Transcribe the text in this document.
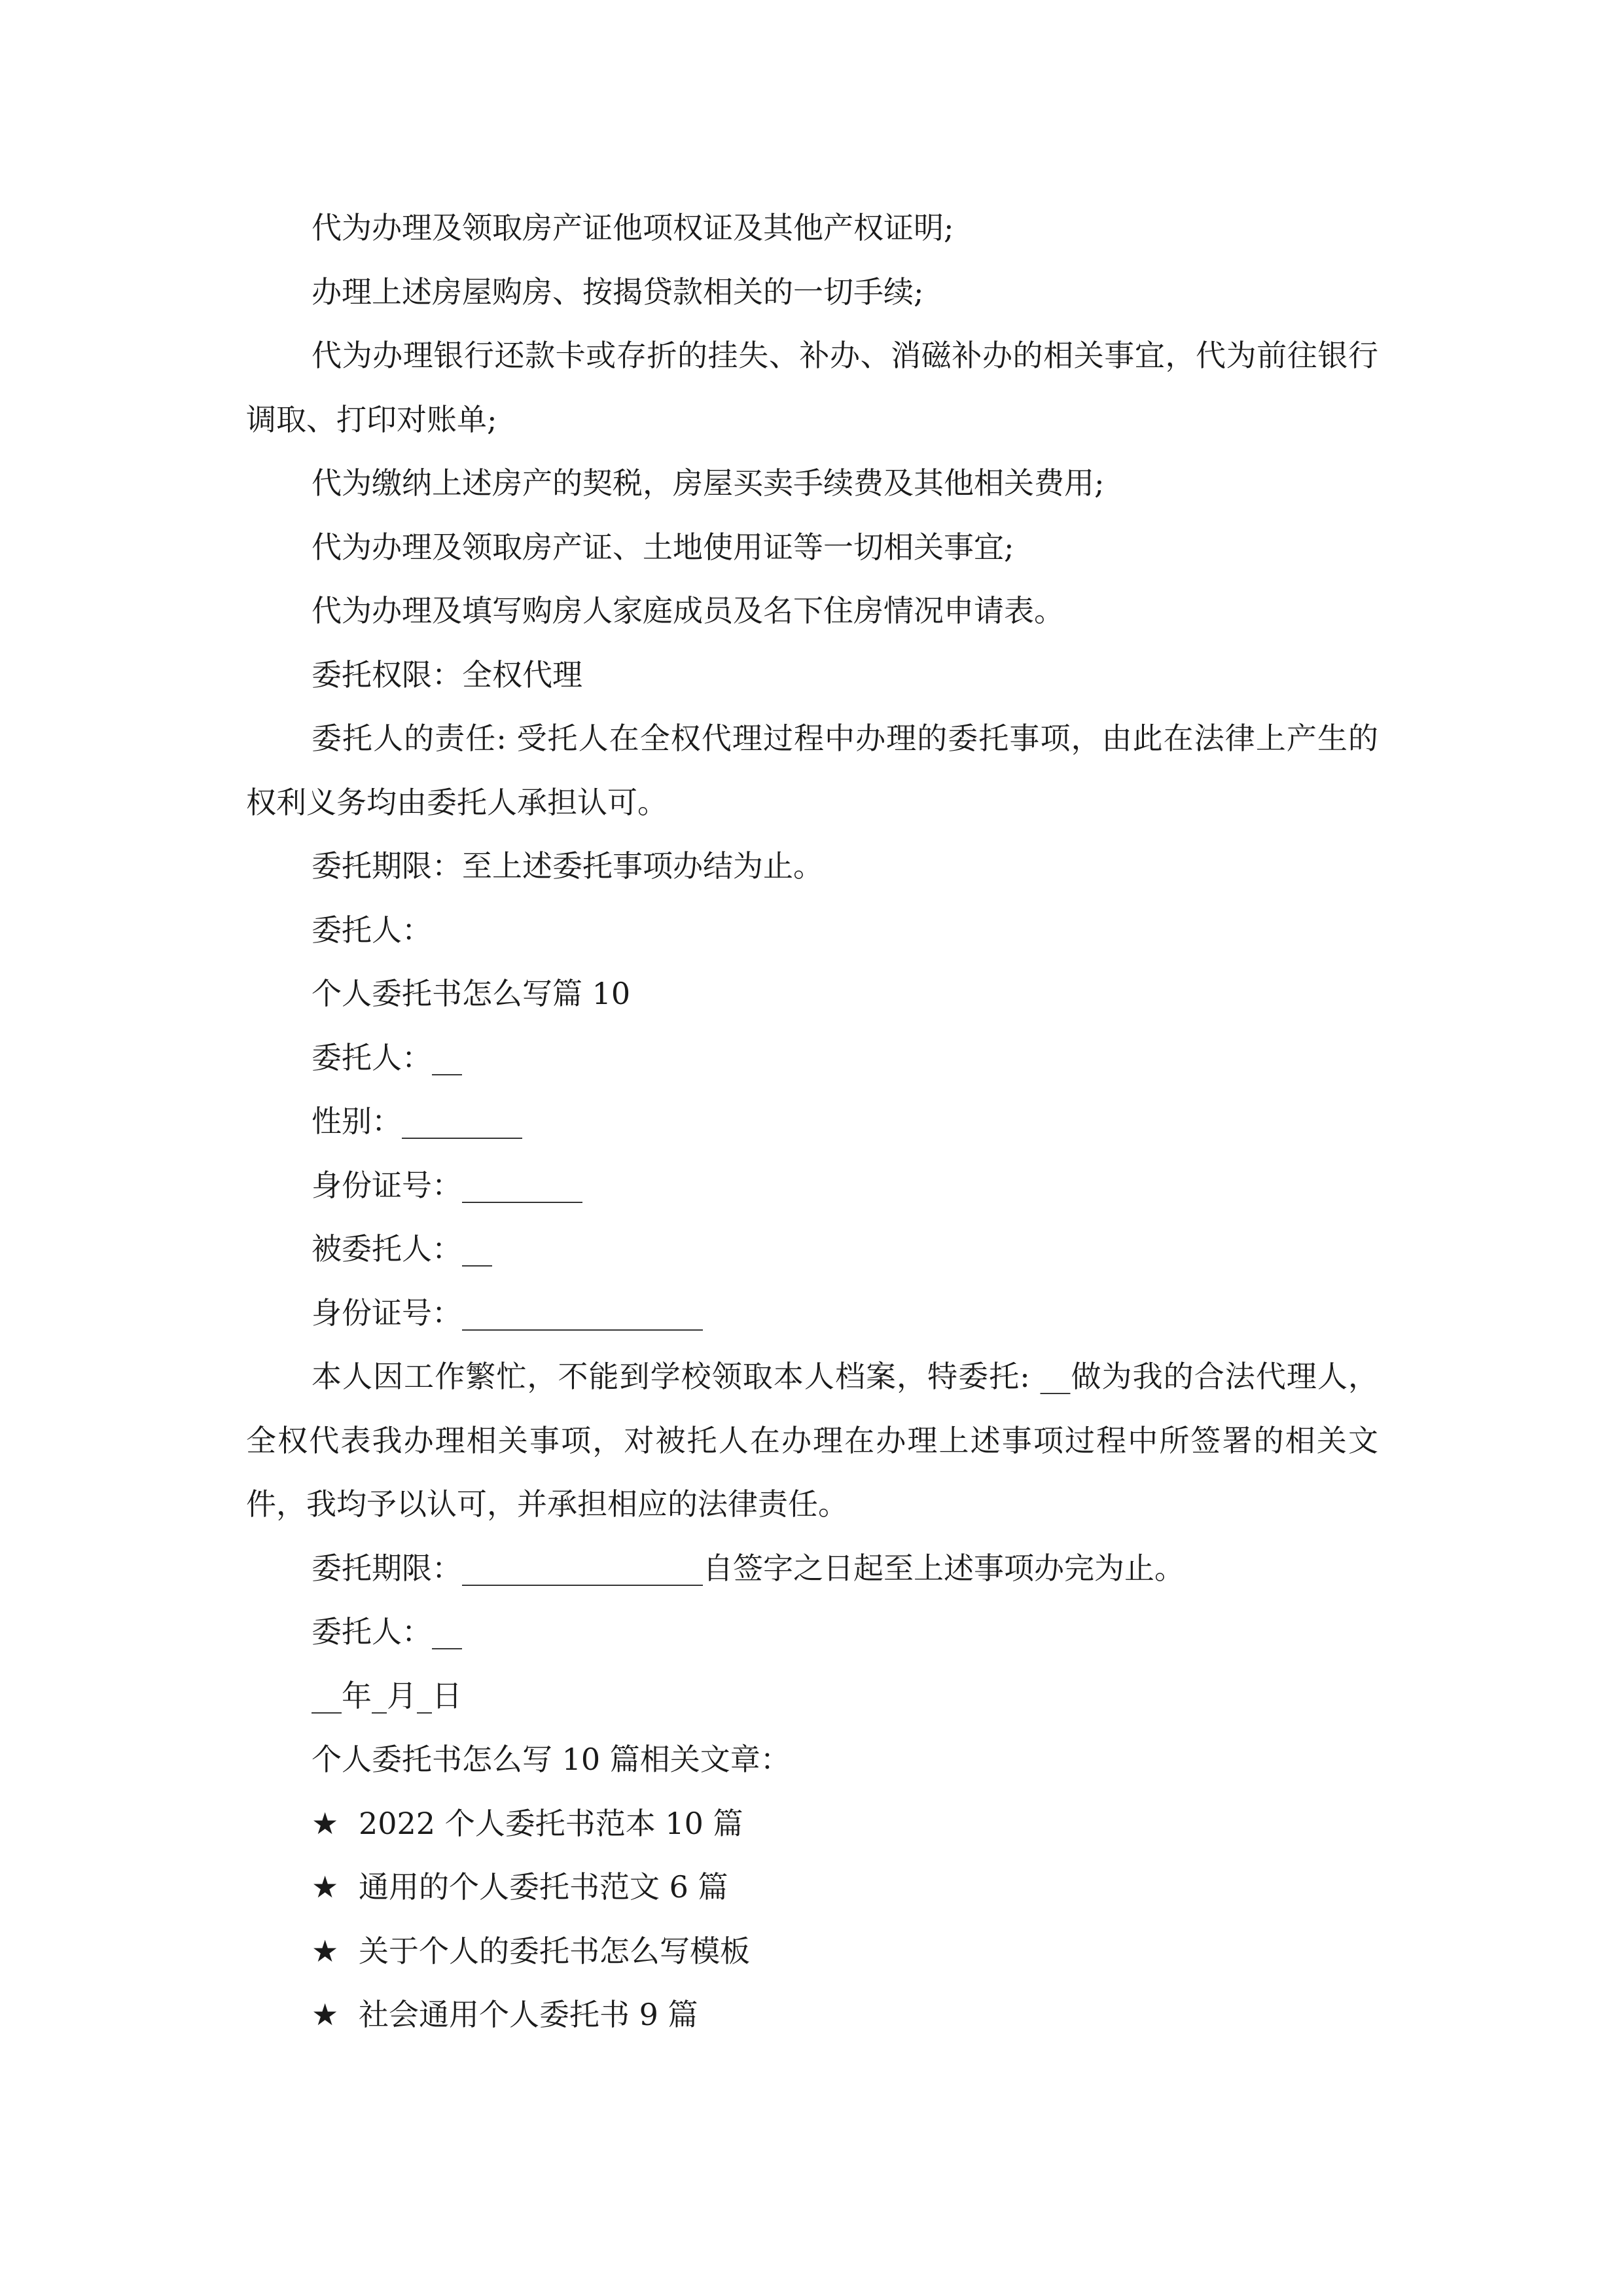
代为办理及领取房产证他项权证及其他产权证明;

办理上述房屋购房、按揭贷款相关的一切手续;

代为办理银行还款卡或存折的挂失、补办、消磁补办的相关事宜，代为前往银行调取、打印对账单;

代为缴纳上述房产的契税，房屋买卖手续费及其他相关费用;

代为办理及领取房产证、土地使用证等一切相关事宜;

代为办理及填写购房人家庭成员及名下住房情况申请表。

委托权限：全权代理

委托人的责任: 受托人在全权代理过程中办理的委托事项，由此在法律上产生的权利义务均由委托人承担认可。

委托期限：至上述委托事项办结为止。

委托人：

个人委托书怎么写篇 10

委托人：__

性别：________

身份证号：________

被委托人：__

身份证号：________________

本人因工作繁忙，不能到学校领取本人档案，特委托: __做为我的合法代理人，全权代表我办理相关事项，对被托人在办理在办理上述事项过程中所签署的相关文件，我均予以认可，并承担相应的法律责任。

委托期限：________________自签字之日起至上述事项办完为止。

委托人：__

__年_月_日

个人委托书怎么写 10 篇相关文章：

★ 2022 个人委托书范本 10 篇

★ 通用的个人委托书范文 6 篇

★ 关于个人的委托书怎么写模板

★ 社会通用个人委托书 9 篇
